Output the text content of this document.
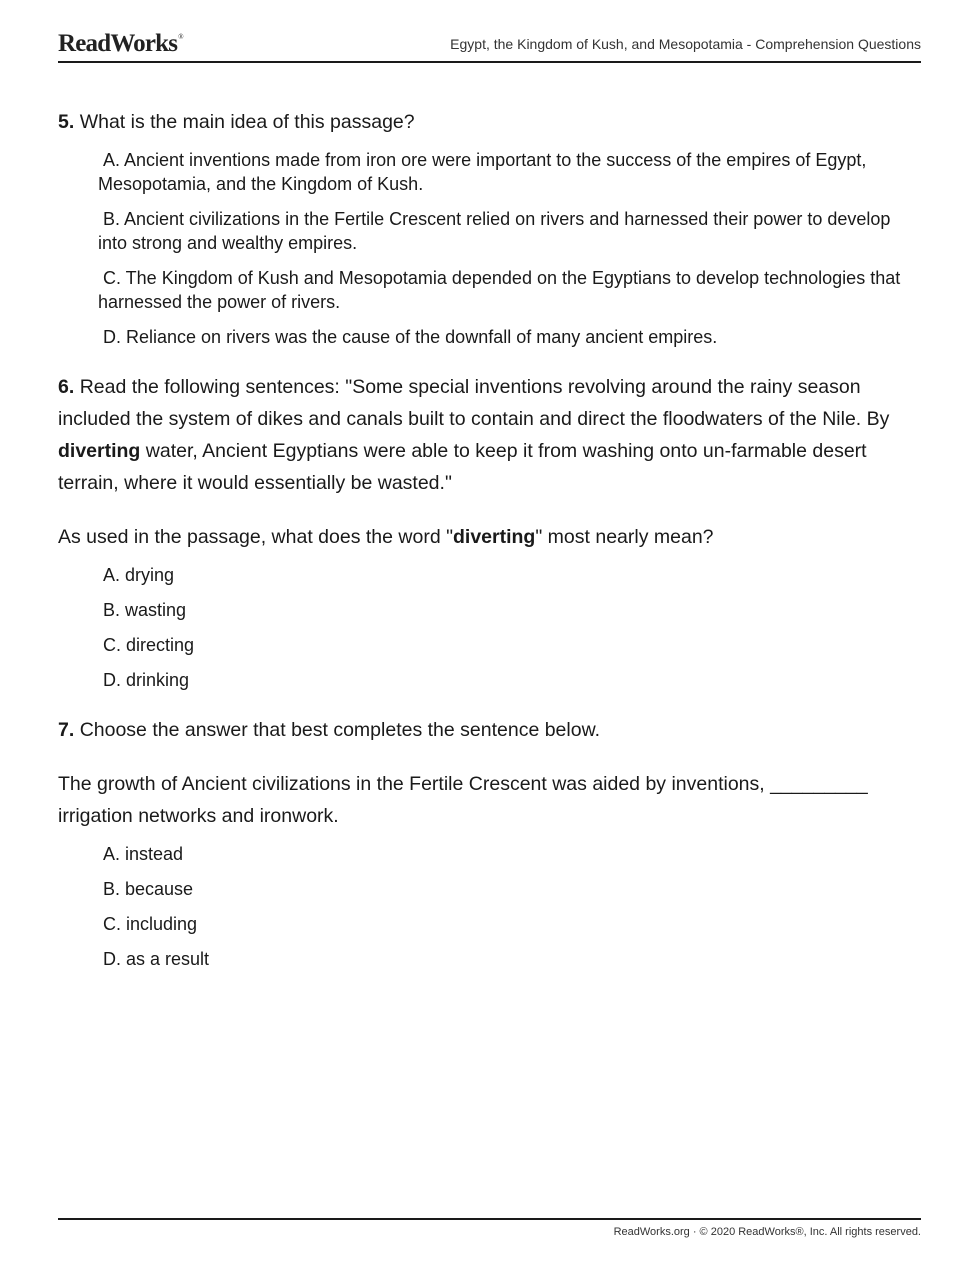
ReadWorks®	Egypt, the Kingdom of Kush, and Mesopotamia - Comprehension Questions

5. What is the main idea of this passage?

A. Ancient inventions made from iron ore were important to the success of the empires of Egypt, Mesopotamia, and the Kingdom of Kush.
B. Ancient civilizations in the Fertile Crescent relied on rivers and harnessed their power to develop into strong and wealthy empires.
C. The Kingdom of Kush and Mesopotamia depended on the Egyptians to develop technologies that harnessed the power of rivers.
D. Reliance on rivers was the cause of the downfall of many ancient empires.

6. Read the following sentences: "Some special inventions revolving around the rainy season included the system of dikes and canals built to contain and direct the floodwaters of the Nile. By diverting water, Ancient Egyptians were able to keep it from washing onto un-farmable desert terrain, where it would essentially be wasted."

As used in the passage, what does the word "diverting" most nearly mean?

A. drying
B. wasting
C. directing
D. drinking

7. Choose the answer that best completes the sentence below.

The growth of Ancient civilizations in the Fertile Crescent was aided by inventions, _________ irrigation networks and ironwork.

A. instead
B. because
C. including
D. as a result
ReadWorks.org · © 2020 ReadWorks®, Inc. All rights reserved.
